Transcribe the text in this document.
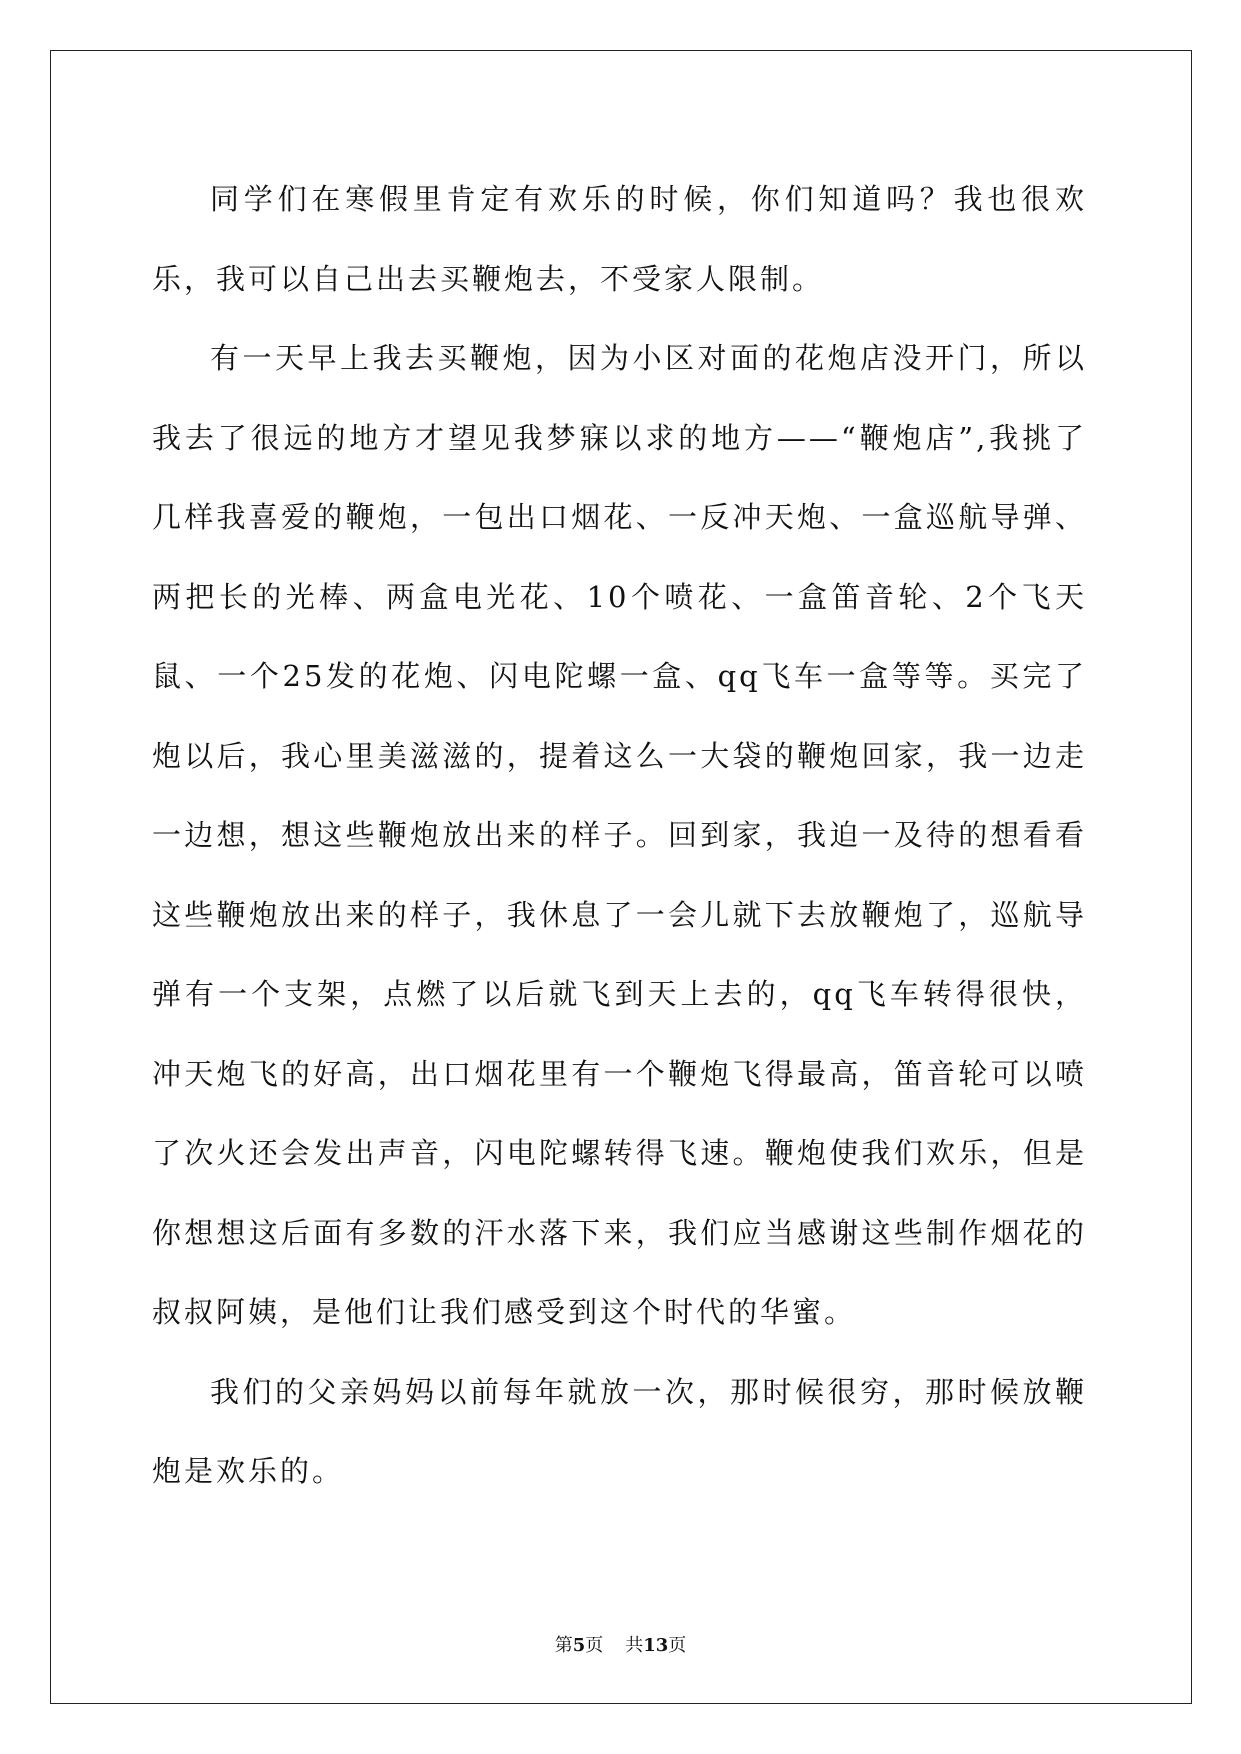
同学们在寒假里肯定有欢乐的时候，你们知道吗？我也很欢乐，我可以自己出去买鞭炮去，不受家人限制。

有一天早上我去买鞭炮，因为小区对面的花炮店没开门，所以我去了很远的地方才望见我梦寐以求的地方——“鞭炮店”,我挑了几样我喜爱的鞭炮，一包出口烟花、一反冲天炮、一盒巡航导弹、两把长的光棒、两盒电光花、10个喷花、一盒笛音轮、2个飞天鼠、一个25发的花炮、闪电陀螺一盒、qq飞车一盒等等。买完了炮以后，我心里美滋滋的，提着这么一大袋的鞭炮回家，我一边走一边想，想这些鞭炮放出来的样子。回到家，我迫一及待的想看看这些鞭炮放出来的样子，我休息了一会儿就下去放鞭炮了，巡航导弹有一个支架，点燃了以后就飞到天上去的，qq飞车转得很快，冲天炮飞的好高，出口烟花里有一个鞭炮飞得最高，笛音轮可以喷了次火还会发出声音，闪电陀螺转得飞速。鞭炮使我们欢乐，但是你想想这后面有多数的汗水落下来，我们应当感谢这些制作烟花的叔叔阿姨，是他们让我们感受到这个时代的华蜜。

我们的父亲妈妈以前每年就放一次，那时候很穷，那时候放鞭炮是欢乐的。

第5页 共13页
